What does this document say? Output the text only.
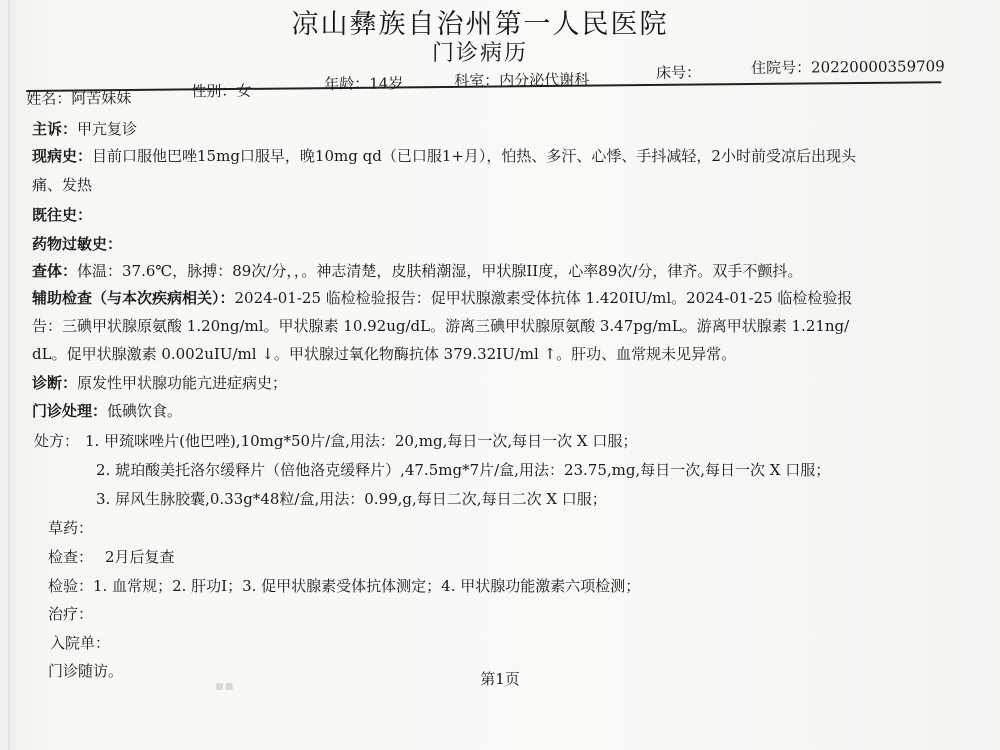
凉山彝族自治州第一人民医院
门诊病历
姓名：阿苦妹妹	性别：女	年龄：14岁	科室：内分泌代谢科	床号：	住院号：20220000359709
主诉：甲亢复诊
现病史：目前口服他巴唑15mg口服早，晚10mg qd（已口服1+月），怕热、多汗、心悸、手抖减轻，2小时前受凉后出现头
痛、发热
既往史：
药物过敏史：
查体：体温：37.6℃，脉搏：89次/分，，。神志清楚，皮肤稍潮湿，甲状腺II度，心率89次/分，律齐。双手不颤抖。
辅助检查（与本次疾病相关）：2024-01-25 临检检验报告：促甲状腺激素受体抗体 1.420IU/ml。2024-01-25 临检检验报
告：三碘甲状腺原氨酸 1.20ng/ml。甲状腺素 10.92ug/dL。游离三碘甲状腺原氨酸 3.47pg/mL。游离甲状腺素 1.21ng/
dL。促甲状腺激素 0.002uIU/ml ↓。甲状腺过氧化物酶抗体 379.32IU/ml ↑。肝功、血常规未见异常。
诊断：原发性甲状腺功能亢进症病史；
门诊处理：低碘饮食。
处方： 1. 甲巯咪唑片(他巴唑),10mg*50片/盒,用法：20,mg,每日一次,每日一次 X 口服；
2. 琥珀酸美托洛尔缓释片（倍他洛克缓释片）,47.5mg*7片/盒,用法：23.75,mg,每日一次,每日一次 X 口服；
3. 屏风生脉胶囊,0.33g*48粒/盒,用法：0.99,g,每日二次,每日二次 X 口服；
草药：
检查： 2月后复查
检验：1. 血常规；2. 肝功I；3. 促甲状腺素受体抗体测定；4. 甲状腺功能激素六项检测；
治疗：
入院单：
门诊随访。
▪▪	第1页
